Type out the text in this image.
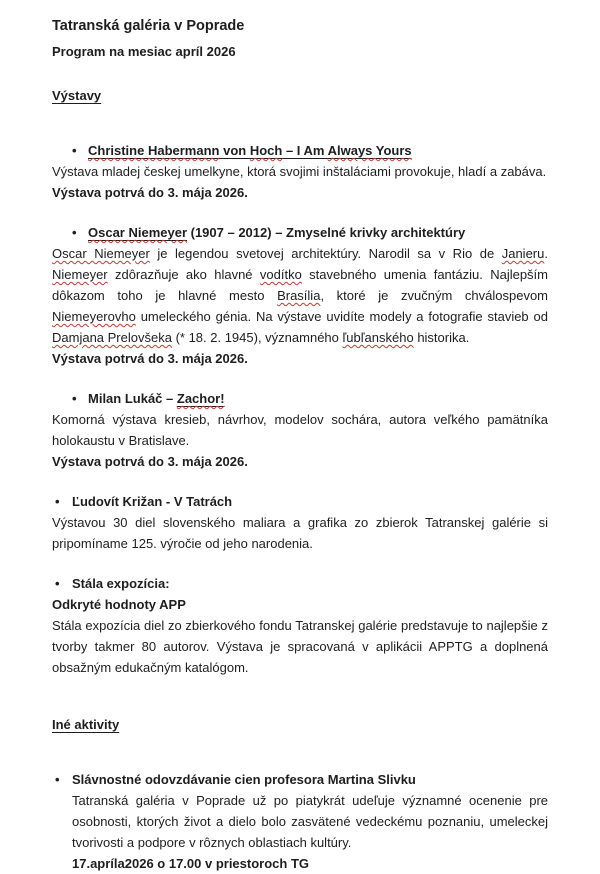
Tatranská galéria v Poprade
Program na mesiac apríl 2026
Výstavy
• Christine Habermann von Hoch – I Am Always Yours
Výstava mladej českej umelkyne, ktorá svojimi inštaláciami provokuje, hladí a zabáva.
Výstava potrvá do 3. mája 2026.
• Oscar Niemeyer (1907 – 2012) – Zmyselné krivky architektúry
Oscar Niemeyer je legendou svetovej architektúry. Narodil sa v Rio de Janieru. Niemeyer zdôrazňuje ako hlavné vodítko stavebného umenia fantáziu. Najlepším dôkazom toho je hlavné mesto Brasília, ktoré je zvučným chválospevom Niemeyerovho umeleckého génia. Na výstave uvidíte modely a fotografie stavieb od Damjana Prelovšeka (* 18. 2. 1945), významného ľubľanského historika.
Výstava potrvá do 3. mája 2026.
• Milan Lukáč – Zachor!
Komorná výstava kresieb, návrhov, modelov sochára, autora veľkého pamätníka holokaustu v Bratislave.
Výstava potrvá do 3. mája 2026.
• Ľudovít Križan - V Tatrách
Výstavou 30 diel slovenského maliara a grafika zo zbierok Tatranskej galérie si pripomíname 125. výročie od jeho narodenia.
• Stála expozícia:
Odkryté hodnoty APP
Stála expozícia diel zo zbierkového fondu Tatranskej galérie predstavuje to najlepšie z tvorby takmer 80 autorov. Výstava je spracovaná v aplikácii APPTG a doplnená obsažným edukačným katalógom.
Iné aktivity
• Slávnostné odovzdávanie cien profesora Martina Slivku
Tatranská galéria v Poprade už po piatykrát udeľuje významné ocenenie pre osobnosti, ktorých život a dielo bolo zasvätené vedeckému poznaniu, umeleckej tvorivosti a podpore v rôznych oblastiach kultúry.
17.apríla2026 o 17.00 v priestoroch TG
